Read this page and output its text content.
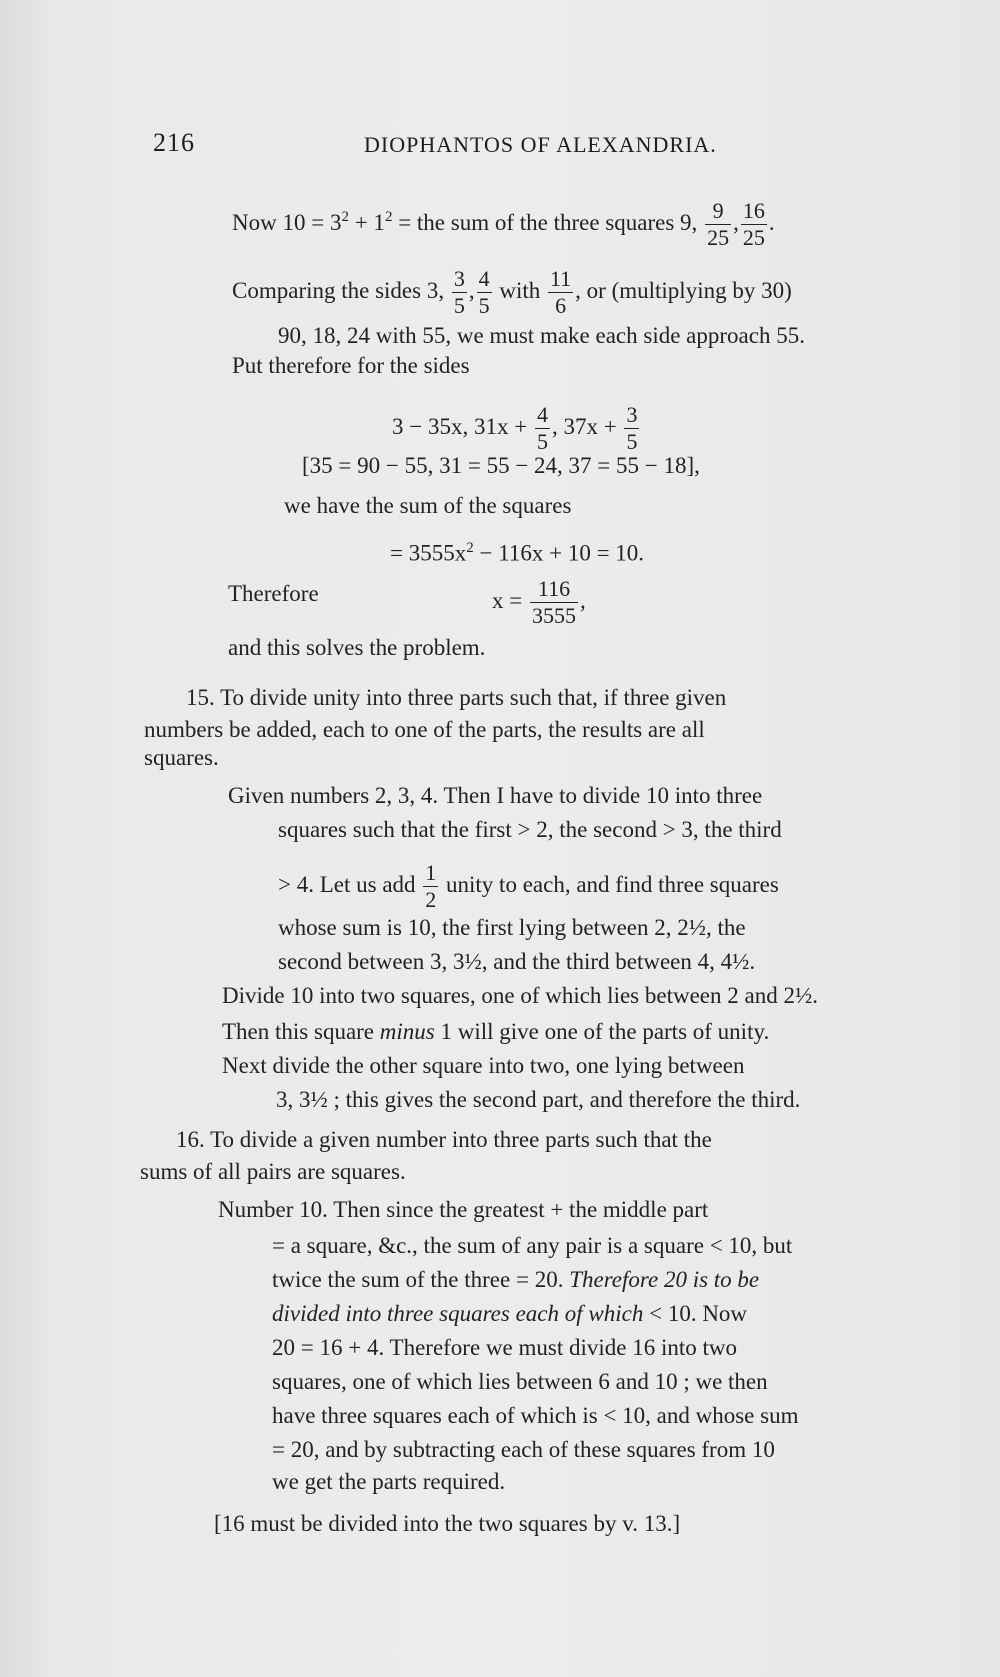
216	DIOPHANTOS OF ALEXANDRIA.
Now $10 = 3^2 + 1^2$ = the sum of the three squares 9, $\frac{9}{25}$ , $\frac{16}{25}$ .
Comparing the sides 3, $\frac{3}{5}$ , $\frac{4}{5}$ with $\frac{11}{6}$ , or (multiplying by 30)
90, 18, 24 with 55, we must make each side approach 55.
Put therefore for the sides
3 − 35x, $31x + \frac{4}{5}$ , $37x + \frac{3}{5}$
[35 = 90 − 55, 31 = 55 − 24, 37 = 55 − 18],
we have the sum of the squares
= $3555x^2 - 116x + 10 = 10$.
Therefore	$x = \frac{116}{3555}$ ,
and this solves the problem.
15. To divide unity into three parts such that, if three given
numbers be added, each to one of the parts, the results are all
squares.
Given numbers 2, 3, 4. Then I have to divide 10 into three
squares such that the first > 2, the second > 3, the third
> 4. Let us add $\frac{1}{2}$ unity to each, and find three squares
whose sum is 10, the first lying between 2, 2½, the
second between 3, 3½, and the third between 4, 4½.
Divide 10 into two squares, one of which lies between 2 and 2½.
Then this square minus 1 will give one of the parts of unity.
Next divide the other square into two, one lying between
3, 3½ ; this gives the second part, and therefore the third.
16. To divide a given number into three parts such that the
sums of all pairs are squares.
Number 10. Then since the greatest + the middle part
= a square, &c., the sum of any pair is a square < 10, but
twice the sum of the three = 20. Therefore 20 is to be
divided into three squares each of which < 10. Now
20 = 16 + 4. Therefore we must divide 16 into two
squares, one of which lies between 6 and 10 ; we then
have three squares each of which is < 10, and whose sum
= 20, and by subtracting each of these squares from 10
we get the parts required.
[16 must be divided into the two squares by v. 13.]
